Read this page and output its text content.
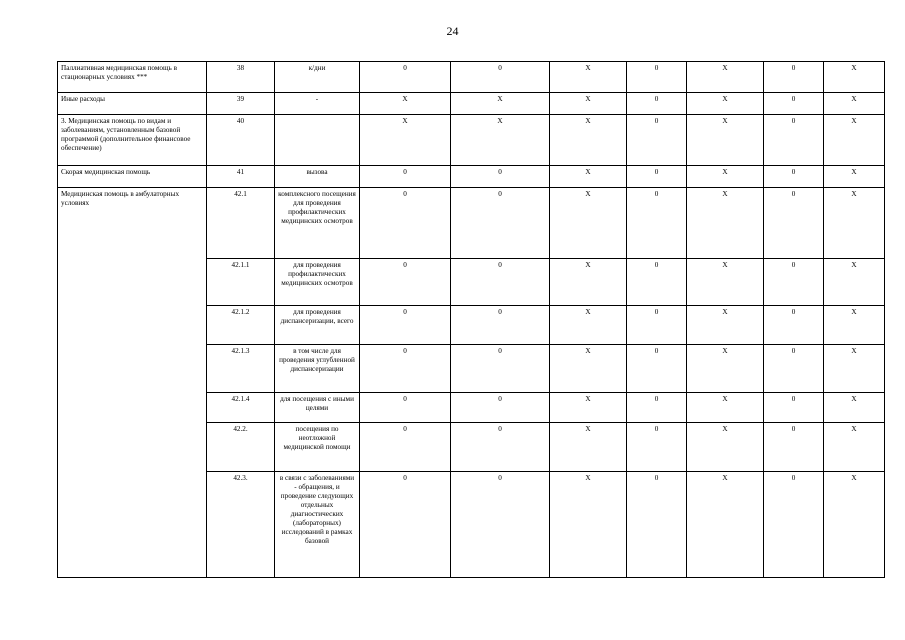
24
Паллиативная медицинская помощь в стационарных условиях ***	38	к/дни	0	0	X	0	X	0	X
Иные расходы	39	-	X	X	X	0	X	0	X
3. Медицинская помощь по видам и заболеваниям, установленным базовой программой (дополнительное финансовое обеспечение)	40		X	X	X	0	X	0	X
Скорая медицинская помощь	41	вызова	0	0	X	0	X	0	X
Медицинская помощь в амбулаторных условиях	42.1	комплексного посещения для проведения профилактических медицинских осмотров	0	0	X	0	X	0	X
	42.1.1	для проведения профилактических медицинских осмотров	0	0	X	0	X	0	X
	42.1.2	для проведения диспансеризации, всего	0	0	X	0	X	0	X
	42.1.3	в том числе для проведения углубленной диспансеризации	0	0	X	0	X	0	X
	42.1.4	для посещения с иными целями	0	0	X	0	X	0	X
	42.2.	посещения по неотложной медицинской помощи	0	0	X	0	X	0	X
	42.3.	в связи с заболеваниями - обращения, и проведение следующих отдельных диагностических (лабораторных) исследований в рамках базовой	0	0	X	0	X	0	X
